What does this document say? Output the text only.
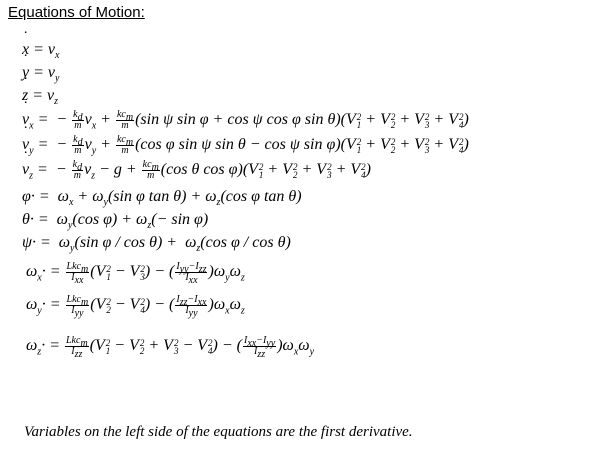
Equations of Motion:
˙ $x = v_x$
˙ $y = v_y$
˙ $z = v_z$
˙ $v_x$ =  − $\frac{k_d}{m} v_x + \frac{kc_m}{m} (\sin$ ψ sin φ + cos ψ cos φ sin θ)(V 2
1 + V 2
2 + V 2
3 + V 2
4 )
˙ $v_y$ =  − $\frac{k_d}{m} v_y + \frac{kc_m}{m} (\cos$ φ sin ψ sin θ − cos ψ sin φ)(V 2
1 + V 2
2 + V 2
3 + V 2
4 )
˙ $v_z$ =  − $\frac{k_d}{m} v_z - g + \frac{kc_m}{m} (\cos$ θ cos φ)(V 2
1 + V 2
2 + V 2
3 + V 2
4 )
$\varphi\cdot = \omega_x + \omega_y(\sin$ φ $\tan \theta) + \omega_z(\cos$ φ tan θ)
$\theta\cdot = \omega_y(\cos$ $\varphi) + \omega_z(- \sin \varphi)$
$\psi\cdot = \omega_y(\sin$ $\varphi / \cos \theta) + \omega_z(\cos$ φ / cos θ)
$\omega_x\cdot = \frac{Lkc_m}{I_{xx}} (V$ 2
1 − V 2
3 ) − ( $\frac{I_{yy}-I_{zz}}{I_{xx}} )\omega_y\omega_z$
$\omega_y\cdot = \frac{Lkc_m}{I_{yy}} (V$ 2
2 − V 2
4 ) − ( $\frac{I_{zz}-I_{xx}}{I_{yy}} )\omega_x\omega_z$
$\omega_z\cdot = \frac{Lkc_m}{I_{zz}} (V$ 2
1 − V 2
2 + V 2
3 − V 2
4 ) − ( $\frac{I_{xx}-I_{yy}}{I_{zz}} )\omega_x\omega_y$
Variables on the left side of the equations are the first derivative.
